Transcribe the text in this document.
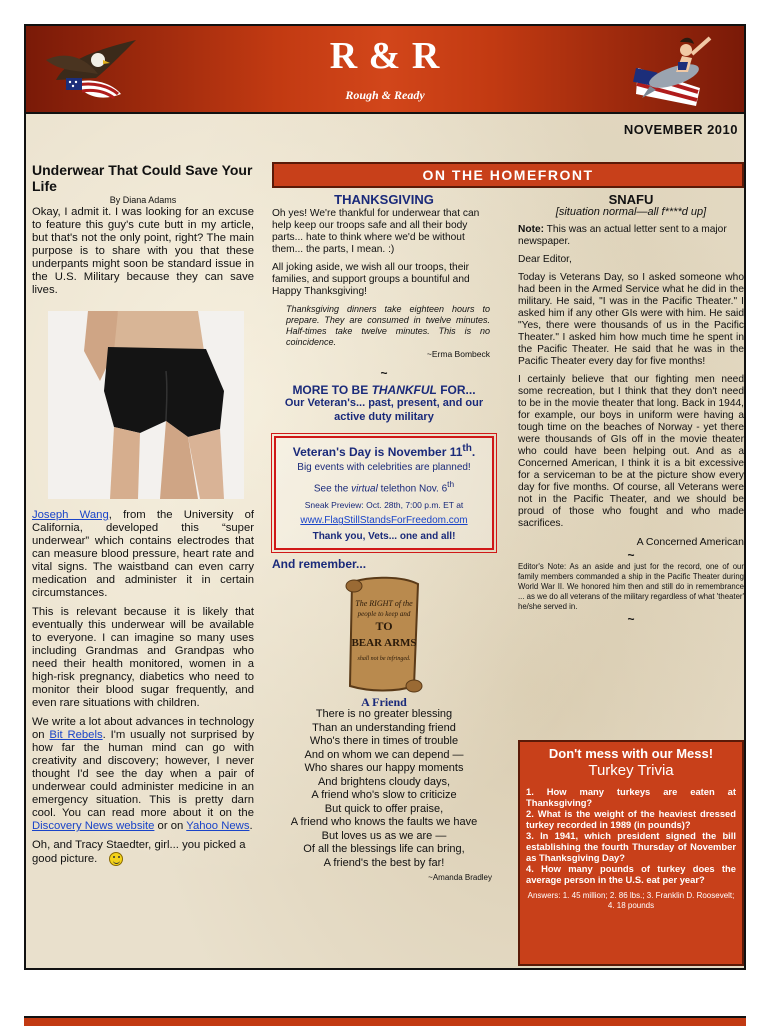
R & R
Rough & Ready
NOVEMBER 2010
Underwear That Could Save Your Life
By Diana Adams

Okay, I admit it. I was looking for an excuse to feature this guy's cute butt in my article, but that's not the only point, right? The main purpose is to share with you that these underpants might soon be standard issue in the U.S. Military because they can save lives.

Joseph Wang, from the University of California, developed this “super underwear” which contains electrodes that can measure blood pressure, heart rate and vital signs. The waistband can even carry medication and administer it in certain circumstances.

This is relevant because it is likely that eventually this underwear will be available to everyone. I can imagine so many uses including Grandmas and Grandpas who need their health monitored, women in a high-risk pregnancy, diabetics who need to monitor their blood sugar frequently, and even rare situations with children.

We write a lot about advances in technology on Bit Rebels. I'm usually not surprised by how far the human mind can go with creativity and discovery; however, I never thought I'd see the day when a pair of underwear could administer medicine in an emergency situation. This is pretty darn cool. You can read more about it on the Discovery News website or on Yahoo News.

Oh, and Tracy Staedter, girl... you picked a good picture.

ON THE HOMEFRONT
THANKSGIVING

Oh yes! We're thankful for underwear that can help keep our troops safe and all their body parts... hate to think where we'd be without them... the parts, I mean. :)

All joking aside, we wish all our troops, their families, and support groups a bountiful and Happy Thanksgiving!

Thanksgiving dinners take eighteen hours to prepare. They are consumed in twelve minutes. Half-times take twelve minutes. This is no coincidence.
~Erma Bombeck
~
MORE TO BE THANKFUL FOR...
Our Veteran's... past, present, and our active duty military
Veteran's Day is November 11th.
Big events with celebrities are planned!
See the virtual telethon Nov. 6th
Sneak Preview: Oct. 28th, 7:00 p.m. ET at
www.FlagStillStandsForFreedom.com
Thank you, Vets... one and all!
And remember...
The RIGHT of the
people to keep and
TO
BEAR ARMS
shall not be infringed.
A Friend
There is no greater blessing
Than an understanding friend
Who's there in times of trouble
And on whom we can depend —
Who shares our happy moments
And brightens cloudy days,
A friend who's slow to criticize
But quick to offer praise,
A friend who knows the faults we have
But loves us as we are —
Of all the blessings life can bring,
A friend's the best by far!
~Amanda Bradley
SNAFU
[situation normal—all f****d up]

Note: This was an actual letter sent to a major newspaper.

Dear Editor,

Today is Veterans Day, so I asked someone who had been in the Armed Service what he did in the military. He said, "I was in the Pacific Theater." I asked him if any other GIs were with him. He said "Yes, there were thousands of us in the Pacific Theater." I asked him how much time he spent in the Pacific Theater. He said that he was in the Pacific Theater every day for five months!

I certainly believe that our fighting men need some recreation, but I think that they don't need to be in the movie theater that long. Back in 1944, for example, our boys in uniform were having a tough time on the beaches of Norway - yet there were thousands of GIs off in the movie theater who could have been helping out. And as a Concerned American, I think it is a bit excessive for a serviceman to be at the picture show every day for five months. Of course, all Veterans were not in the Pacific Theater, and we should be proud of those who fought and who made sacrifices.

A Concerned American
~
Editor's Note: As an aside and just for the record, one of our family members commanded a ship in the Pacific Theater during World War II. We honored him then and still do in remembrance ... as we do all veterans of the military regardless of what 'theater' he/she served in.
~
Don't mess with our Mess!
Turkey Trivia
1. How many turkeys are eaten at Thanksgiving?
2. What is the weight of the heaviest dressed turkey recorded in 1989 (in pounds)?
3. In 1941, which president signed the bill establishing the fourth Thursday of November as Thanksgiving Day?
4. How many pounds of turkey does the average person in the U.S. eat per year?
Answers: 1. 45 million; 2. 86 lbs.; 3. Franklin D. Roosevelt; 4. 18 pounds
